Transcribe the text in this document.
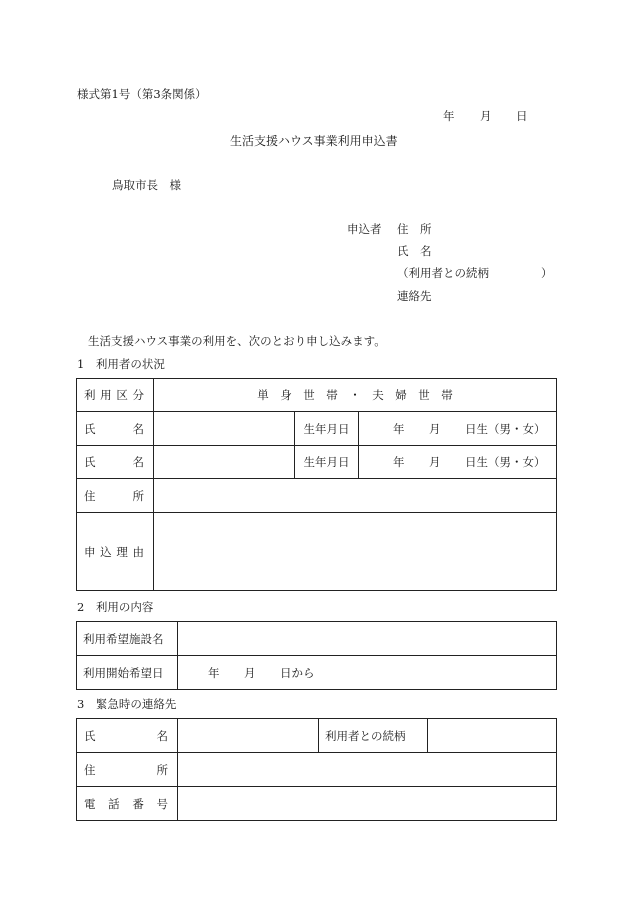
様式第1号（第3条関係）
年 月 日
生活支援ハウス事業利用申込書
鳥取市長　様
申込者 住　所
氏　名
（利用者との続柄	）
連絡先
生活支援ハウス事業の利用を、次のとおり申し込みます。
1　利用者の状況
利 用 区 分	単　身　世　帯　・　夫　婦　世　帯		

氏 名		生年月日	年 月 日生（男・女）

氏 名		生年月日	年 月 日生（男・女）

住 所			

申 込 理 由			

2　利用の内容
利用希望施設名	
利用開始希望日	年 月 日から
3　緊急時の連絡先
氏 名		利用者との続柄	

住 所			

電 話 番 号			
